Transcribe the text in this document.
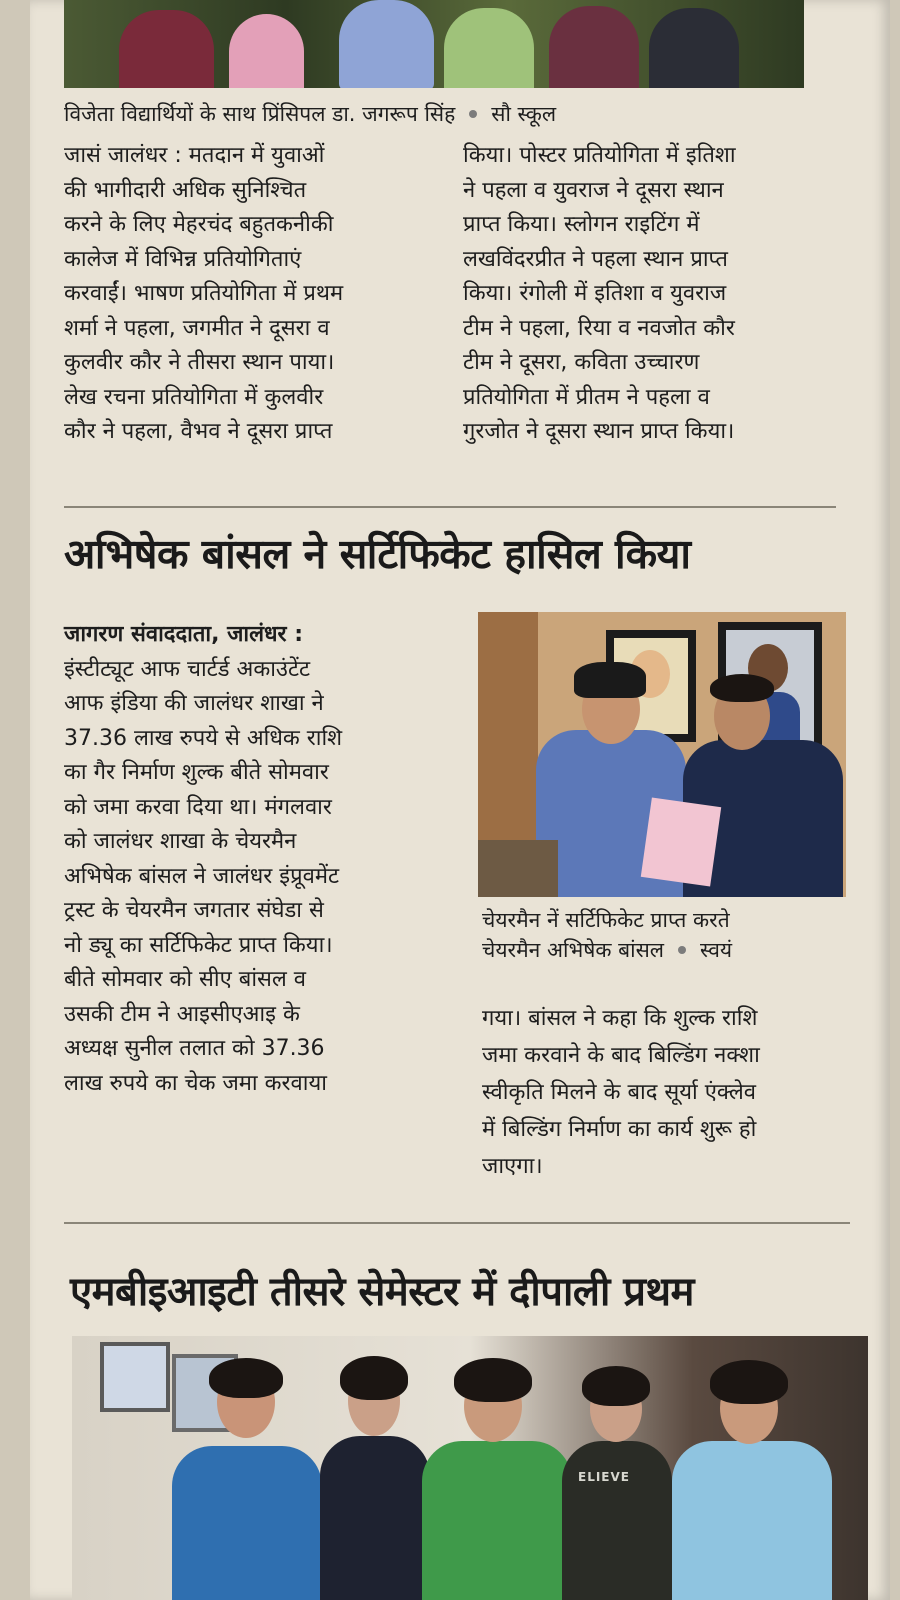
विजेता विद्यार्थियों के साथ प्रिंसिपल डा. जगरूप सिंह सौ स्कूल

जासं जालंधर : मतदान में युवाओं

की भागीदारी अधिक सुनिश्चित

करने के लिए मेहरचंद बहुतकनीकी

कालेज में विभिन्न प्रतियोगिताएं

करवाईं। भाषण प्रतियोगिता में प्रथम

शर्मा ने पहला, जगमीत ने दूसरा व

कुलवीर कौर ने तीसरा स्थान पाया।

लेख रचना प्रतियोगिता में कुलवीर

कौर ने पहला, वैभव ने दूसरा प्राप्त

किया। पोस्टर प्रतियोगिता में इतिशा

ने पहला व युवराज ने दूसरा स्थान

प्राप्त किया। स्लोगन राइटिंग में

लखविंदरप्रीत ने पहला स्थान प्राप्त

किया। रंगोली में इतिशा व युवराज

टीम ने पहला, रिया व नवजोत कौर

टीम ने दूसरा, कविता उच्चारण

प्रतियोगिता में प्रीतम ने पहला व

गुरजोत ने दूसरा स्थान प्राप्त किया।

अभिषेक बांसल ने सर्टिफिकेट हासिल किया

जागरण संवाददाता, जालंधर :

इंस्टीट्यूट आफ चार्टर्ड अकाउंटेंट

आफ इंडिया की जालंधर शाखा ने

37.36 लाख रुपये से अधिक राशि

का गैर निर्माण शुल्क बीते सोमवार

को जमा करवा दिया था। मंगलवार

को जालंधर शाखा के चेयरमैन

अभिषेक बांसल ने जालंधर इंप्रूवमेंट

ट्रस्ट के चेयरमैन जगतार संघेडा से

नो ड्यू का सर्टिफिकेट प्राप्त किया।

बीते सोमवार को सीए बांसल व

उसकी टीम ने आइसीएआइ के

अध्यक्ष सुनील तलात को 37.36

लाख रुपये का चेक जमा करवाया

चेयरमैन नें सर्टिफिकेट प्राप्त करते
चेयरमैन अभिषेक बांसल स्वयं

गया। बांसल ने कहा कि शुल्क राशि

जमा करवाने के बाद बिल्डिंग नक्शा

स्वीकृति मिलने के बाद सूर्या एंक्लेव

में बिल्डिंग निर्माण का कार्य शुरू हो

जाएगा।

एमबीइआइटी तीसरे सेमेस्टर में दीपाली प्रथम
ELIEVE
